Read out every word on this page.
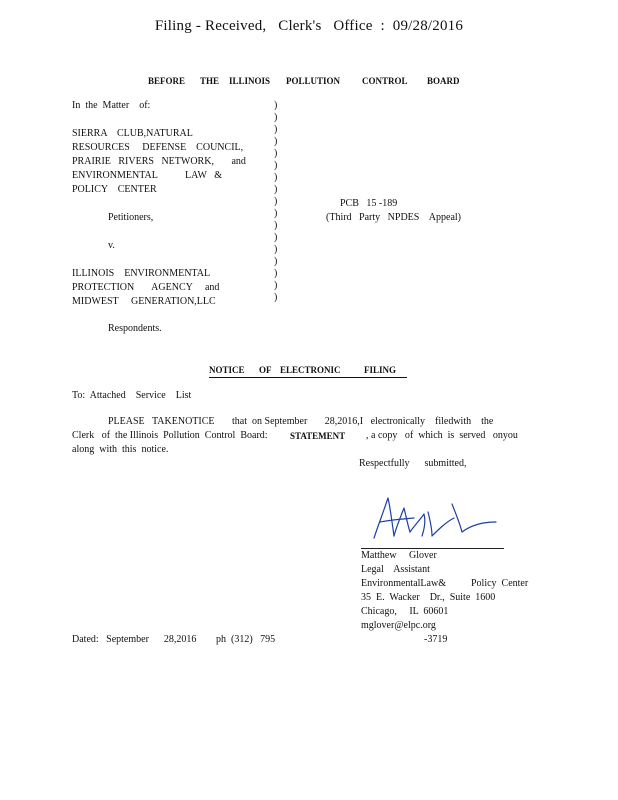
Filing - Received,   Clerk's   Office  :  09/28/2016
BEFORE THE ILLINOIS POLLUTION CONTROL BOARD
In  the  Matter    of:	)
)
)
)
)
)
)
)
)
)
)
)
)
)
)
)
)
SIERRA    CLUB,NATURAL
RESOURCES     DEFENSE    COUNCIL,
PRAIRIE   RIVERS   NETWORK,       and
ENVIRONMENTAL           LAW   &
POLICY    CENTER
Petitioners,
PCB   15 -189
(Third   Party   NPDES    Appeal)
v.
ILLINOIS    ENVIRONMENTAL
PROTECTION       AGENCY     and
MIDWEST     GENERATION,LLC
Respondents.
NOTICE OF ELECTRONIC	FILING
To:  Attached    Service    List
PLEASE   TAKENOTICE       that  on September       28,2016,I   electronically    filedwith    the
Clerk   of  the Illinois  Pollution  Control  Board: STATEMENT , a copy   of  which  is  served   onyou
along  with  this  notice.
Respectfully      submitted,
Matthew     Glover
Legal    Assistant
EnvironmentalLaw&          Policy  Center
35  E.  Wacker    Dr.,  Suite  1600
Chicago,     IL  60601
mglover@elpc.org
Dated:   September      28,2016 ph  (312)   795	-3719
